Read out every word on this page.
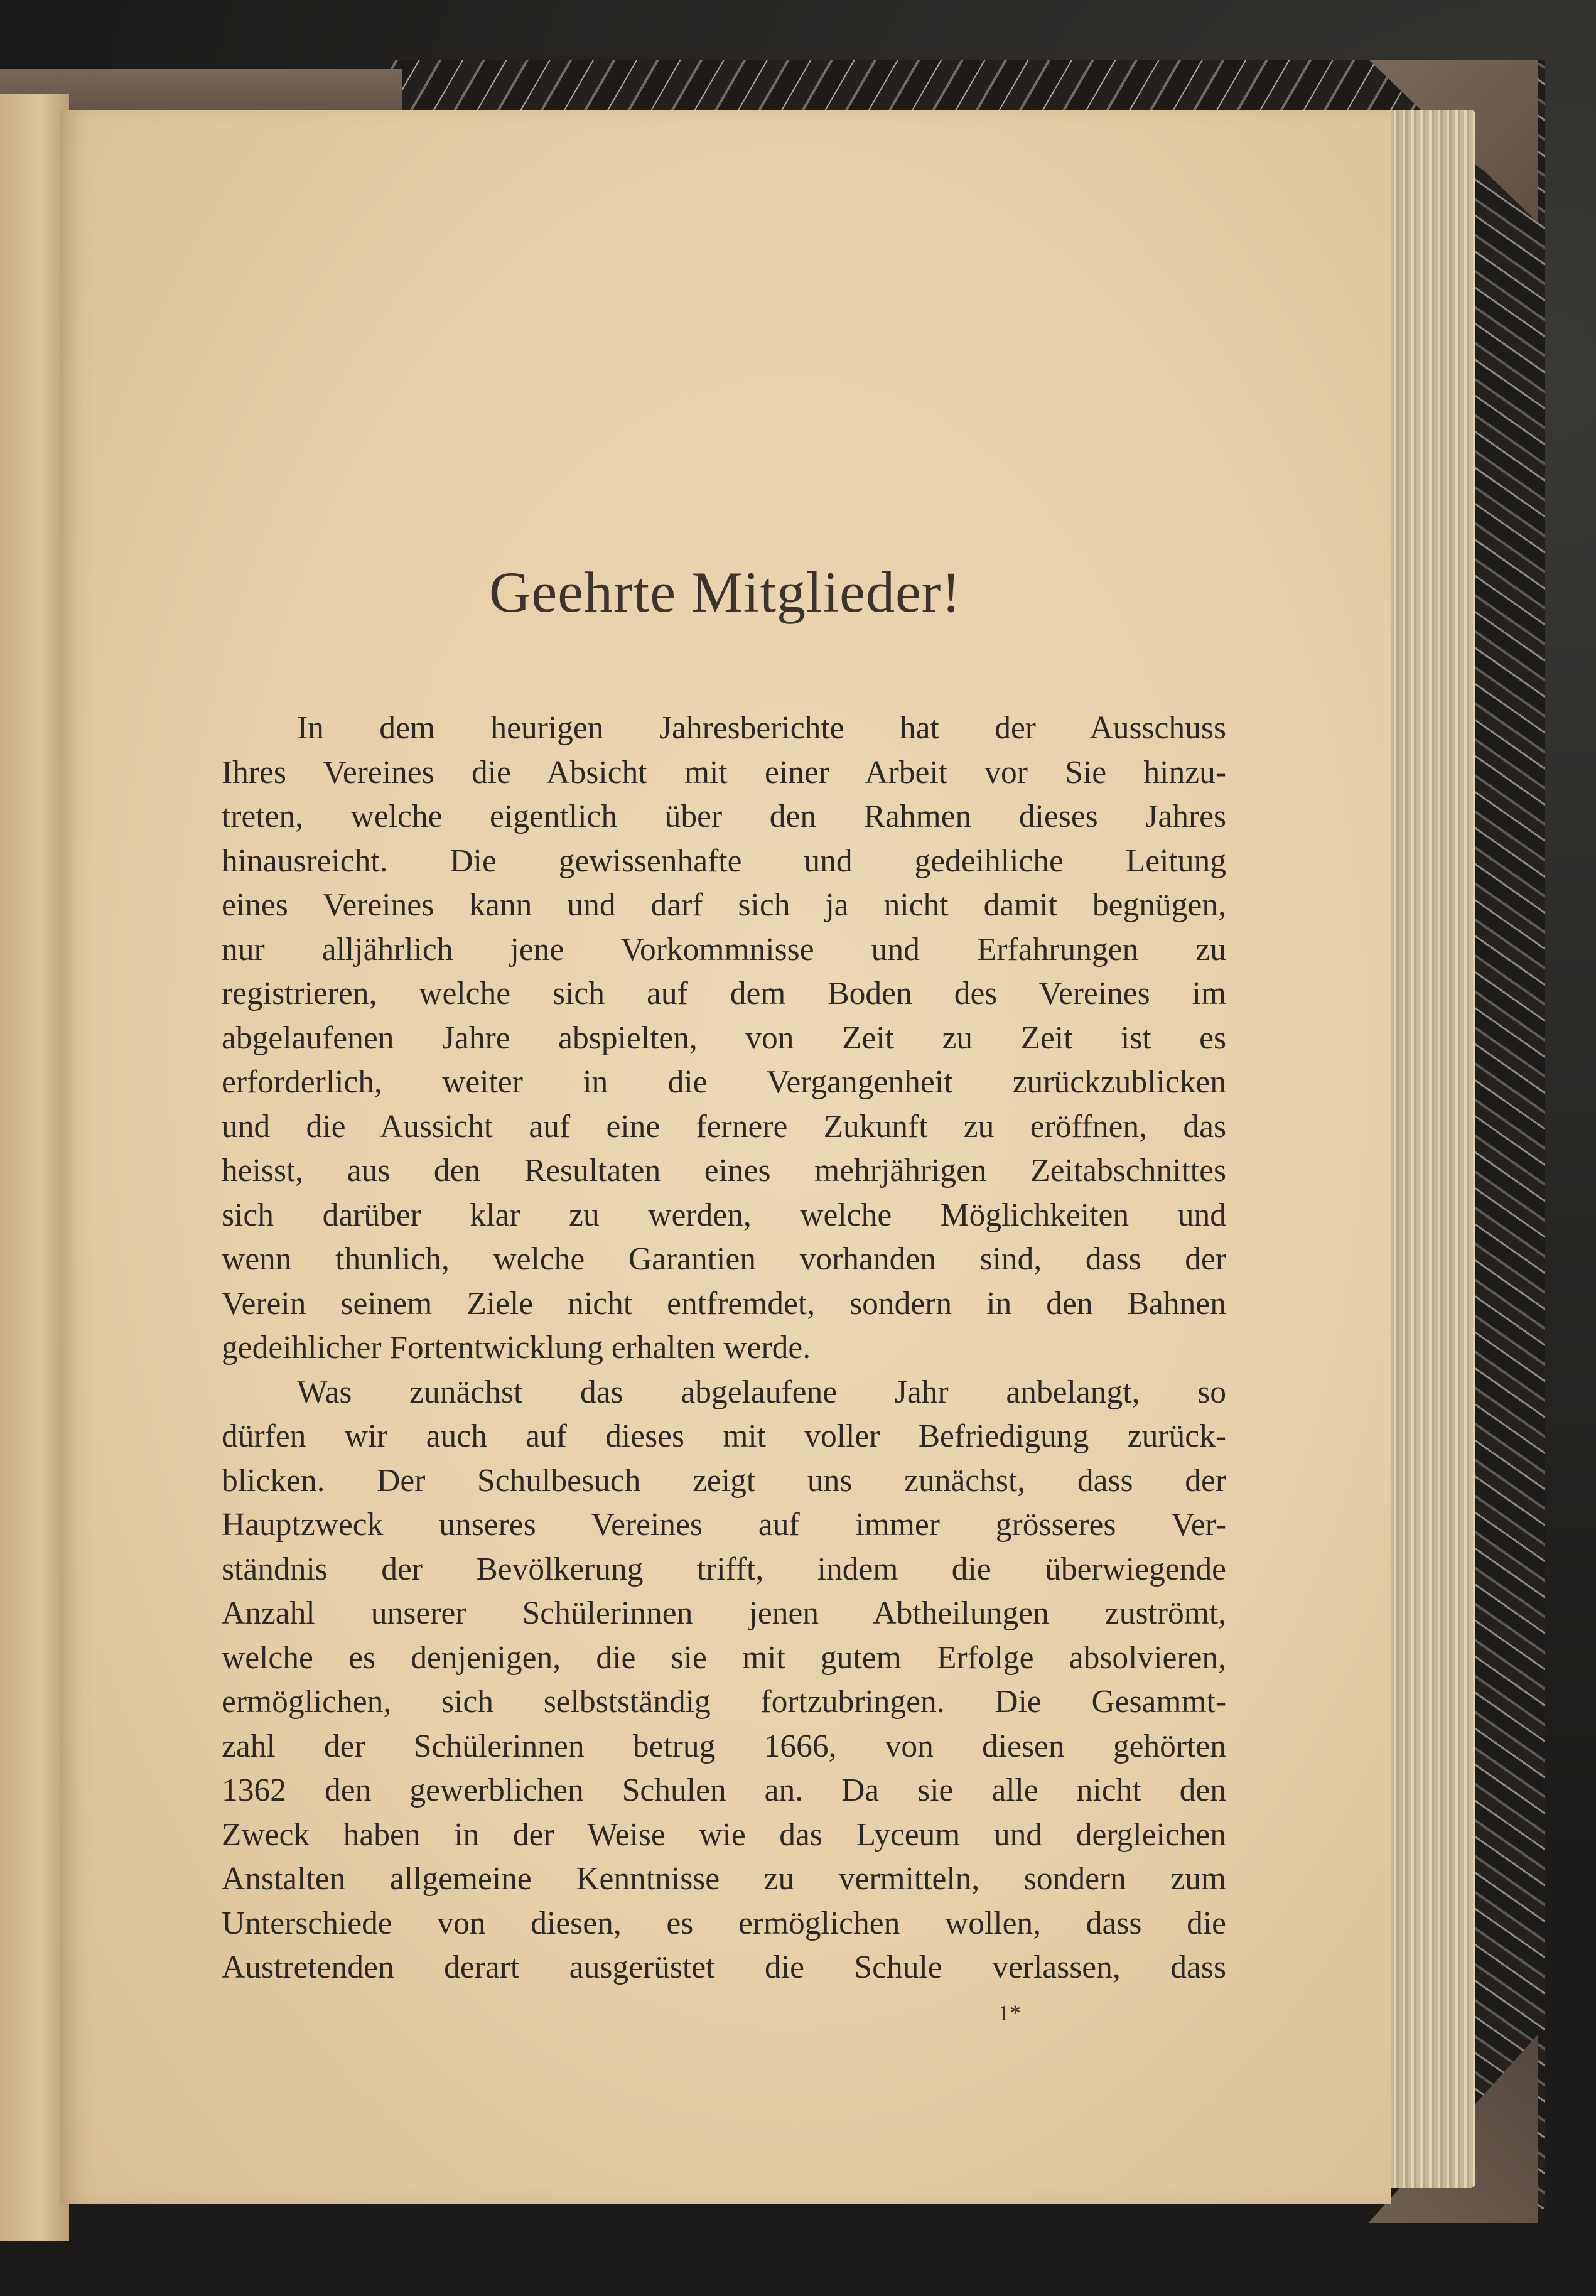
Geehrte Mitglieder!
In dem heurigen Jahresberichte hat der Ausschuss
Ihres Vereines die Absicht mit einer Arbeit vor Sie hinzu-
treten, welche eigentlich über den Rahmen dieses Jahres
hinausreicht. Die gewissenhafte und gedeihliche Leitung
eines Vereines kann und darf sich ja nicht damit begnügen,
nur alljährlich jene Vorkommnisse und Erfahrungen zu
registrieren, welche sich auf dem Boden des Vereines im
abgelaufenen Jahre abspielten, von Zeit zu Zeit ist es
erforderlich, weiter in die Vergangenheit zurückzublicken
und die Aussicht auf eine fernere Zukunft zu eröffnen, das
heisst, aus den Resultaten eines mehrjährigen Zeitabschnittes
sich darüber klar zu werden, welche Möglichkeiten und
wenn thunlich, welche Garantien vorhanden sind, dass der
Verein seinem Ziele nicht entfremdet, sondern in den Bahnen
gedeihlicher Fortentwicklung erhalten werde.
Was zunächst das abgelaufene Jahr anbelangt, so
dürfen wir auch auf dieses mit voller Befriedigung zurück-
blicken. Der Schulbesuch zeigt uns zunächst, dass der
Hauptzweck unseres Vereines auf immer grösseres Ver-
ständnis der Bevölkerung trifft, indem die überwiegende
Anzahl unserer Schülerinnen jenen Abtheilungen zuströmt,
welche es denjenigen, die sie mit gutem Erfolge absolvieren,
ermöglichen, sich selbstständig fortzubringen. Die Gesammt-
zahl der Schülerinnen betrug 1666, von diesen gehörten
1362 den gewerblichen Schulen an. Da sie alle nicht den
Zweck haben in der Weise wie das Lyceum und dergleichen
Anstalten allgemeine Kenntnisse zu vermitteln, sondern zum
Unterschiede von diesen, es ermöglichen wollen, dass die
Austretenden derart ausgerüstet die Schule verlassen, dass
1*
